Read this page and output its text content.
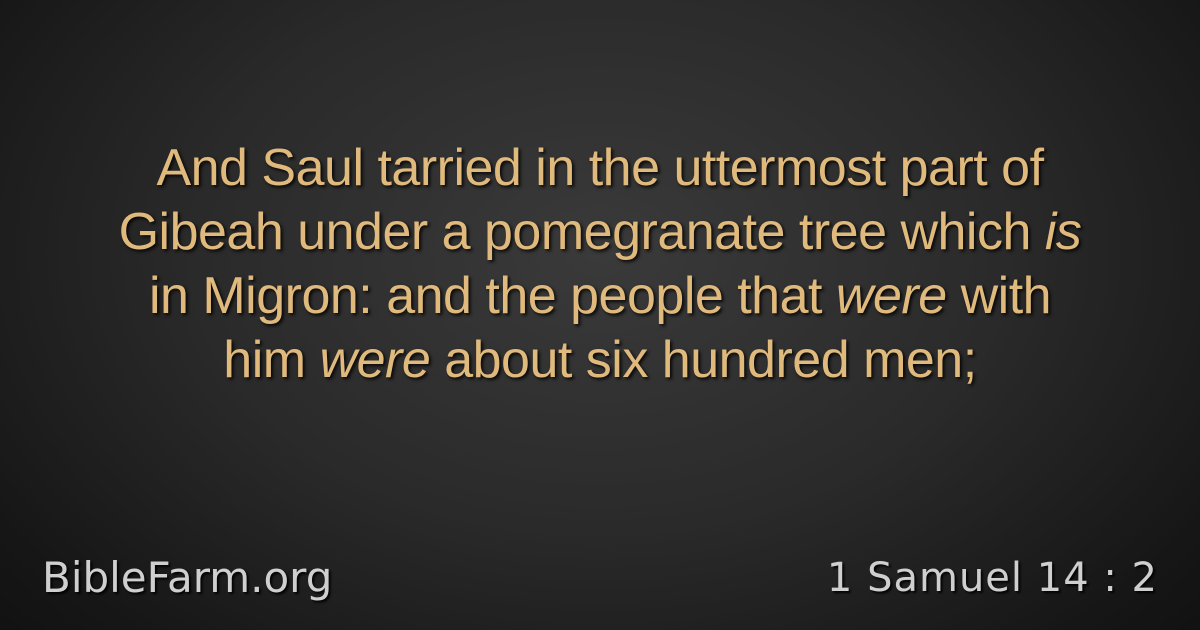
And Saul tarried in the uttermost part of
Gibeah under a pomegranate tree which is
in Migron: and the people that were with
him were about six hundred men;
BibleFarm.org	1 Samuel 14 : 2
